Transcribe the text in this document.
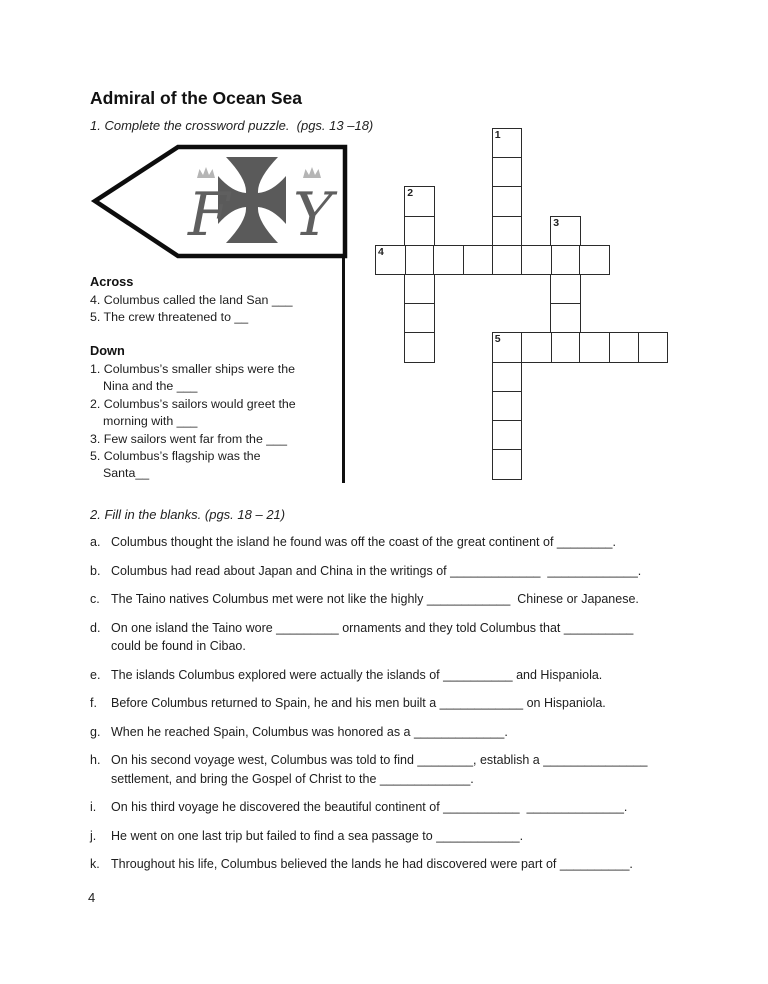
Admiral of the Ocean Sea
1. Complete the crossword puzzle.  (pgs. 13 –18)
F Y
1
2
3
4
5
Across
4. Columbus called the land San ___
5. The crew threatened to __
Down
1. Columbus’s smaller ships were the
Nina and the ___
2. Columbus’s sailors would greet the
morning with ___
3. Few sailors went far from the ___
5. Columbus’s flagship was the
Santa__
2. Fill in the blanks. (pgs. 18 – 21)
a. Columbus thought the island he found was off the coast of the great continent of ________.
b. Columbus had read about Japan and China in the writings of _____________  _____________.
c. The Taino natives Columbus met were not like the highly ____________  Chinese or Japanese.
d. On one island the Taino wore _________ ornaments and they told Columbus that __________
could be found in Cibao.
e. The islands Columbus explored were actually the islands of __________ and Hispaniola.
f.	Before Columbus returned to Spain, he and his men built a ____________ on Hispaniola.
g. When he reached Spain, Columbus was honored as a _____________.
h. On his second voyage west, Columbus was told to find ________, establish a _______________
settlement, and bring the Gospel of Christ to the _____________.
i.	On his third voyage he discovered the beautiful continent of ___________  ______________.
j.	He went on one last trip but failed to find a sea passage to ____________.
k. Throughout his life, Columbus believed the lands he had discovered were part of __________.
4
